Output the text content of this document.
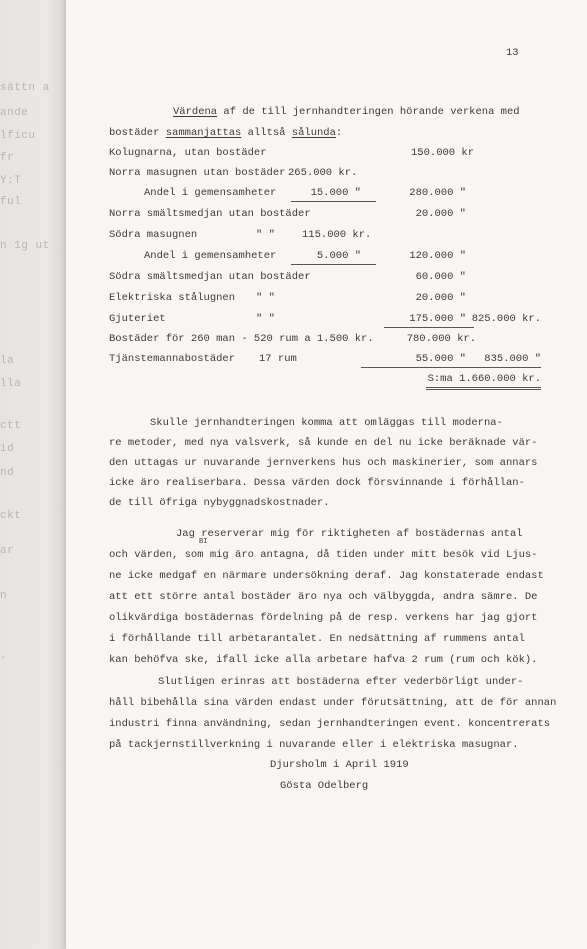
sättn a
ande
lficu
fr
Y:T
ful
n 1g ut
la
lla
ctt
id
nd
ckt
ar
n
.
13
Värdena af de till jernhandteringen hörande verkena med
bostäder sammanjattas alltså sålunda:
Kolugnarna, utan bostäder	150.000 kr
Norra masugnen utan bostäder 265.000 kr.
Andel i gemensamheter	15.000 "	280.000 "
Norra smältsmedjan utan bostäder	20.000 "
Södra masugnen	" "	115.000 kr.
Andel i gemensamheter	5.000 "	120.000 "
Södra smältsmedjan utan bostäder	60.000 "
Elektriska stålugnen " "	20.000 "
Gjuteriet	" "	175.000 " 825.000 kr.
Bostäder för 260 man - 520 rum a 1.500 kr.	780.000 kr.
Tjänstemannabostäder 17 rum	55.000 "	835.000 "
S:ma 1.660.000 kr.
Skulle jernhandteringen komma att omläggas till moderna-
re metoder, med nya valsverk, så kunde en del nu icke beräknade vär-
den uttagas ur nuvarande jernverkens hus och maskinerier, som annars
icke äro realiserbara. Dessa värden dock försvinnande i förhållan-
de till öfriga nybyggnadskostnader.
Jag reserverar mig för riktigheten af bostädernas antal
BI
och värden, som mig äro antagna, då tiden under mitt besök vid Ljus-
ne icke medgaf en närmare undersökning deraf. Jag konstaterade endast
att ett större antal bostäder äro nya och välbyggda, andra sämre. De
olikvärdiga bostädernas fördelning på de resp. verkens har jag gjort
i förhållande till arbetarantalet. En nedsättning af rummens antal
kan behöfva ske, ifall icke alla arbetare hafva 2 rum (rum och kök).
Slutligen erinras att bostäderna efter vederbörligt under-
håll bibehålla sina värden endast under förutsättning, att de för annan
industri finna användning, sedan jernhandteringen event. koncentrerats
på tackjernstillverkning i nuvarande eller i elektriska masugnar.
Djursholm i April 1919
Gösta Odelberg
